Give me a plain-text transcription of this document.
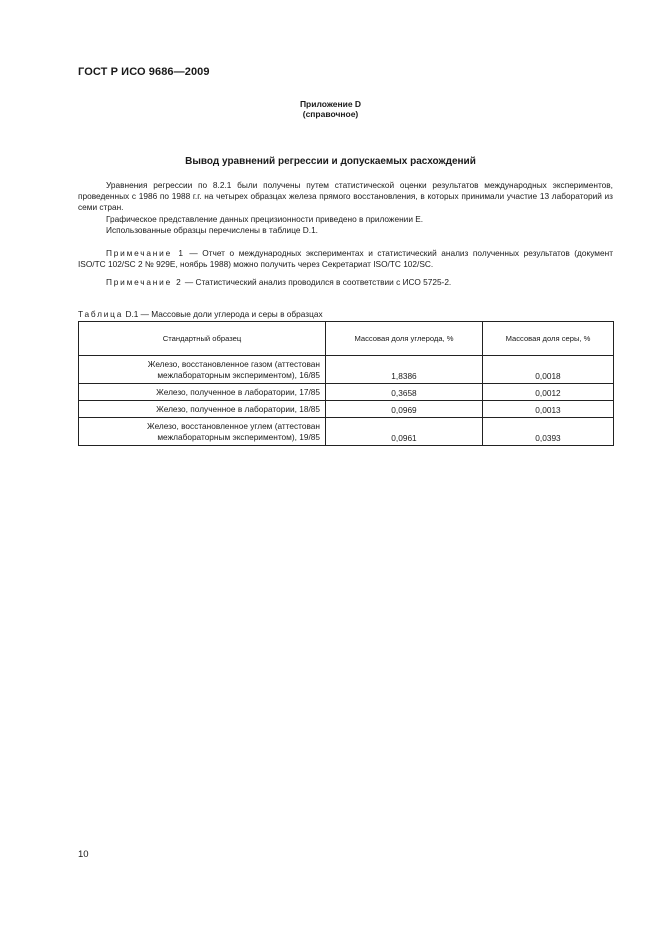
ГОСТ Р ИСО 9686—2009
Приложение D
(справочное)
Вывод уравнений регрессии и допускаемых расхождений

Уравнения регрессии по 8.2.1 были получены путем статистической оценки результатов международных экспериментов, проведенных с 1986 по 1988 г.г. на четырех образцах железа прямого восстановления, в которых принимали участие 13 лабораторий из семи стран.

Графическое представление данных прецизионности приведено в приложении Е.

Использованные образцы перечислены в таблице D.1.

Примечание 1 — Отчет о международных экспериментах и статистический анализ полученных результатов (документ ISO/TC 102/SC 2 № 929E, ноябрь 1988) можно получить через Секретариат ISO/TC 102/SC.

Примечание 2 — Статистический анализ проводился в соответствии с ИСО 5725-2.

Таблица D.1 — Массовые доли углерода и серы в образцах
Стандартный образец	Массовая доля углерода, %	Массовая доля серы, %
Железо, восстановленное газом (аттестован межлабораторным экспериментом), 16/85	1,8386	0,0018
Железо, полученное в лаборатории, 17/85	0,3658	0,0012
Железо, полученное в лаборатории, 18/85	0,0969	0,0013
Железо, восстановленное углем (аттестован межлабораторным экспериментом), 19/85	0,0961	0,0393
10
